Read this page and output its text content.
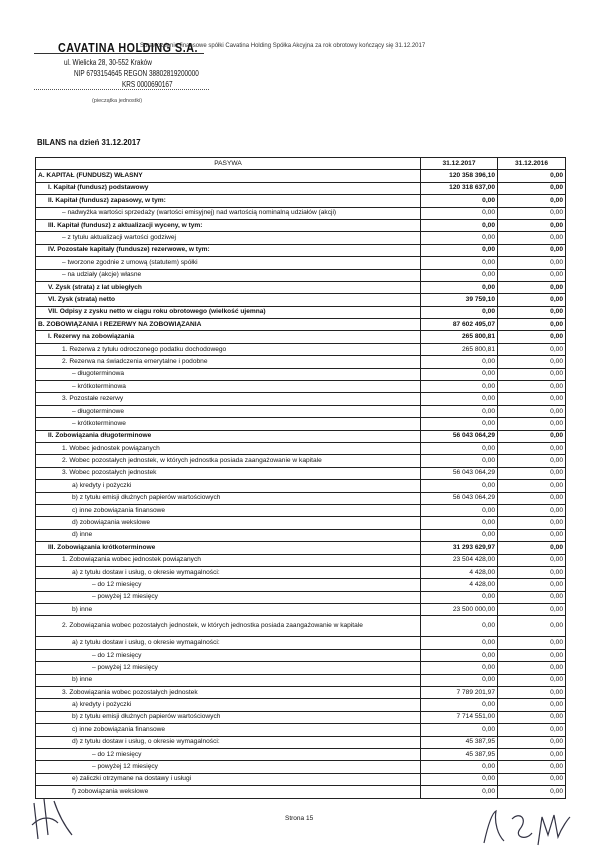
CAVATINA HOLDING S.A.
ul. Wielicka 28, 30-552 Kraków
NIP 6793154645 REGON 38802819200000
KRS 0000690167
(pieczątka jednostki)
Sprawozdanie finansowe spółki Cavatina Holding Spółka Akcyjna za rok obrotowy kończący się 31.12.2017
BILANS na dzień 31.12.2017
PASYWA	31.12.2017	31.12.2016
A. KAPITAŁ (FUNDUSZ) WŁASNY	120 358 396,10	0,00
I. Kapitał (fundusz) podstawowy	120 318 637,00	0,00
II. Kapitał (fundusz) zapasowy, w tym:	0,00	0,00
– nadwyżka wartości sprzedaży (wartości emisyjnej) nad wartością nominalną udziałów (akcji)	0,00	0,00
III. Kapitał (fundusz) z aktualizacji wyceny, w tym:	0,00	0,00
– z tytułu aktualizacji wartości godziwej	0,00	0,00
IV. Pozostałe kapitały (fundusze) rezerwowe, w tym:	0,00	0,00
– tworzone zgodnie z umową (statutem) spółki	0,00	0,00
– na udziały (akcje) własne	0,00	0,00
V. Zysk (strata) z lat ubiegłych	0,00	0,00
VI. Zysk (strata) netto	39 759,10	0,00
VII. Odpisy z zysku netto w ciągu roku obrotowego (wielkość ujemna)	0,00	0,00
B. ZOBOWIĄZANIA I REZERWY NA ZOBOWIĄZANIA	87 602 495,07	0,00
I. Rezerwy na zobowiązania	265 800,81	0,00
1. Rezerwa z tytułu odroczonego podatku dochodowego	265 800,81	0,00
2. Rezerwa na świadczenia emerytalne i podobne	0,00	0,00
– długoterminowa	0,00	0,00
– krótkoterminowa	0,00	0,00
3. Pozostałe rezerwy	0,00	0,00
– długoterminowe	0,00	0,00
– krótkoterminowe	0,00	0,00
II. Zobowiązania długoterminowe	56 043 064,29	0,00
1. Wobec jednostek powiązanych	0,00	0,00
2. Wobec pozostałych jednostek, w których jednostka posiada zaangażowanie w kapitale	0,00	0,00
3. Wobec pozostałych jednostek	56 043 064,29	0,00
a) kredyty i pożyczki	0,00	0,00
b) z tytułu emisji dłużnych papierów wartościowych	56 043 064,29	0,00
c) inne zobowiązania finansowe	0,00	0,00
d) zobowiązania wekslowe	0,00	0,00
d) inne	0,00	0,00
III. Zobowiązania krótkoterminowe	31 293 629,97	0,00
1. Zobowiązania wobec jednostek powiązanych	23 504 428,00	0,00
a) z tytułu dostaw i usług, o okresie wymagalności:	4 428,00	0,00
– do 12 miesięcy	4 428,00	0,00
– powyżej 12 miesięcy	0,00	0,00
b) inne	23 500 000,00	0,00
2. Zobowiązania wobec pozostałych jednostek, w których jednostka posiada zaangażowanie w kapitale	0,00	0,00
a) z tytułu dostaw i usług, o okresie wymagalności:	0,00	0,00
– do 12 miesięcy	0,00	0,00
– powyżej 12 miesięcy	0,00	0,00
b) inne	0,00	0,00
3. Zobowiązania wobec pozostałych jednostek	7 789 201,97	0,00
a) kredyty i pożyczki	0,00	0,00
b) z tytułu emisji dłużnych papierów wartościowych	7 714 551,00	0,00
c) inne zobowiązania finansowe	0,00	0,00
d) z tytułu dostaw i usług, o okresie wymagalności:	45 387,95	0,00
– do 12 miesięcy	45 387,95	0,00
– powyżej 12 miesięcy	0,00	0,00
e) zaliczki otrzymane na dostawy i usługi	0,00	0,00
f) zobowiązania wekslowe	0,00	0,00
Strona 15
